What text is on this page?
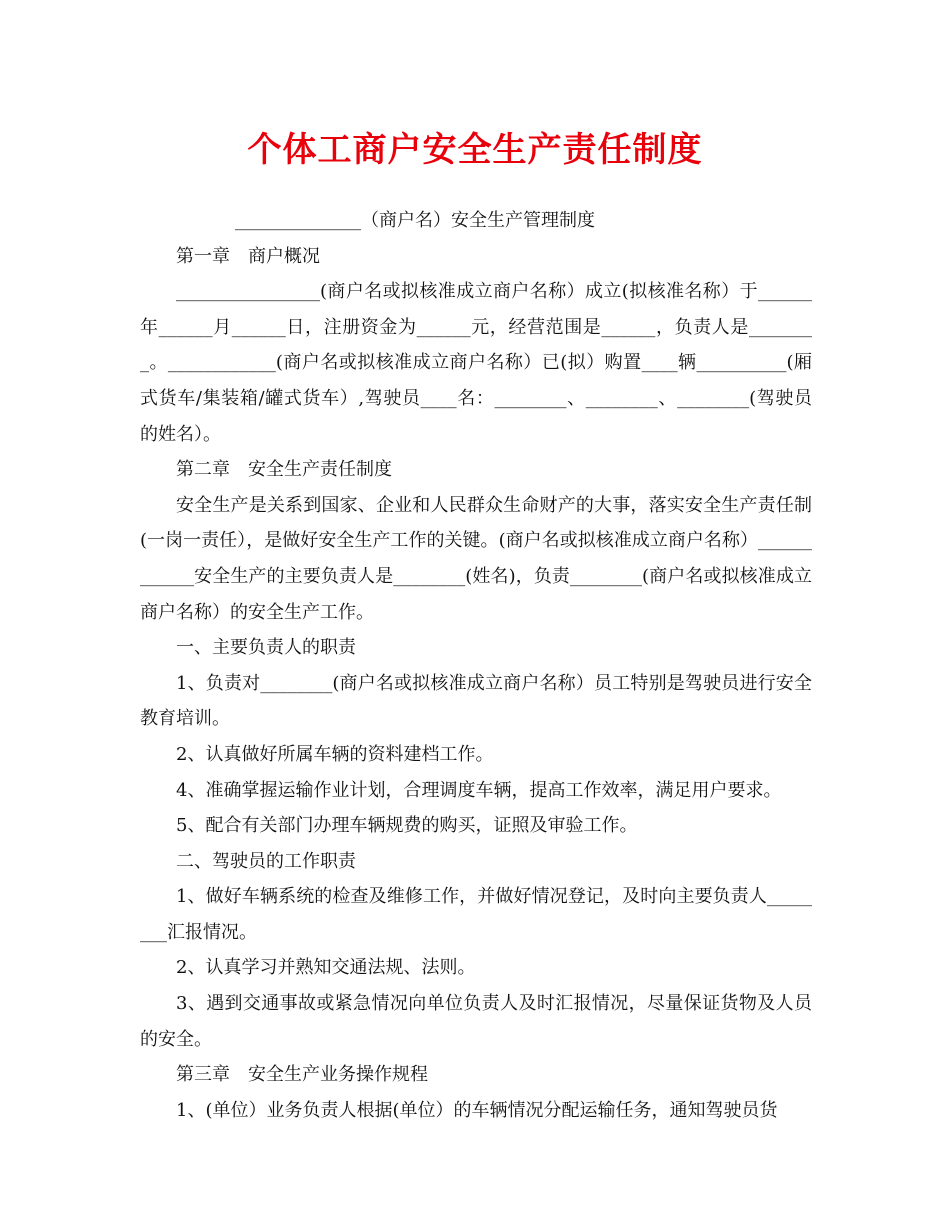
个体工商户安全生产责任制度

______________（商户名）安全生产管理制度

第一章　商户概况

________________(商户名或拟核准成立商户名称）成立(拟核准名称）于______年______月______日，注册资金为______元，经营范围是______，负责人是________。____________(商户名或拟核准成立商户名称）已(拟）购置____辆__________(厢式货车/集装箱/罐式货车）,驾驶员____名：________、________、________(驾驶员的姓名）。

第二章　安全生产责任制度

安全生产是关系到国家、企业和人民群众生命财产的大事，落实安全生产责任制(一岗一责任），是做好安全生产工作的关键。(商户名或拟核准成立商户名称）____________安全生产的主要负责人是________(姓名)，负责________(商户名或拟核准成立商户名称）的安全生产工作。

一、主要负责人的职责

1、负责对________(商户名或拟核准成立商户名称）员工特别是驾驶员进行安全教育培训。

2、认真做好所属车辆的资料建档工作。

4、准确掌握运输作业计划，合理调度车辆，提高工作效率，满足用户要求。

5、配合有关部门办理车辆规费的购买，证照及审验工作。

二、驾驶员的工作职责

1、做好车辆系统的检查及维修工作，并做好情况登记，及时向主要负责人________汇报情况。

2、认真学习并熟知交通法规、法则。

3、遇到交通事故或紧急情况向单位负责人及时汇报情况，尽量保证货物及人员的安全。

第三章　安全生产业务操作规程

1、(单位）业务负责人根据(单位）的车辆情况分配运输任务，通知驾驶员货
